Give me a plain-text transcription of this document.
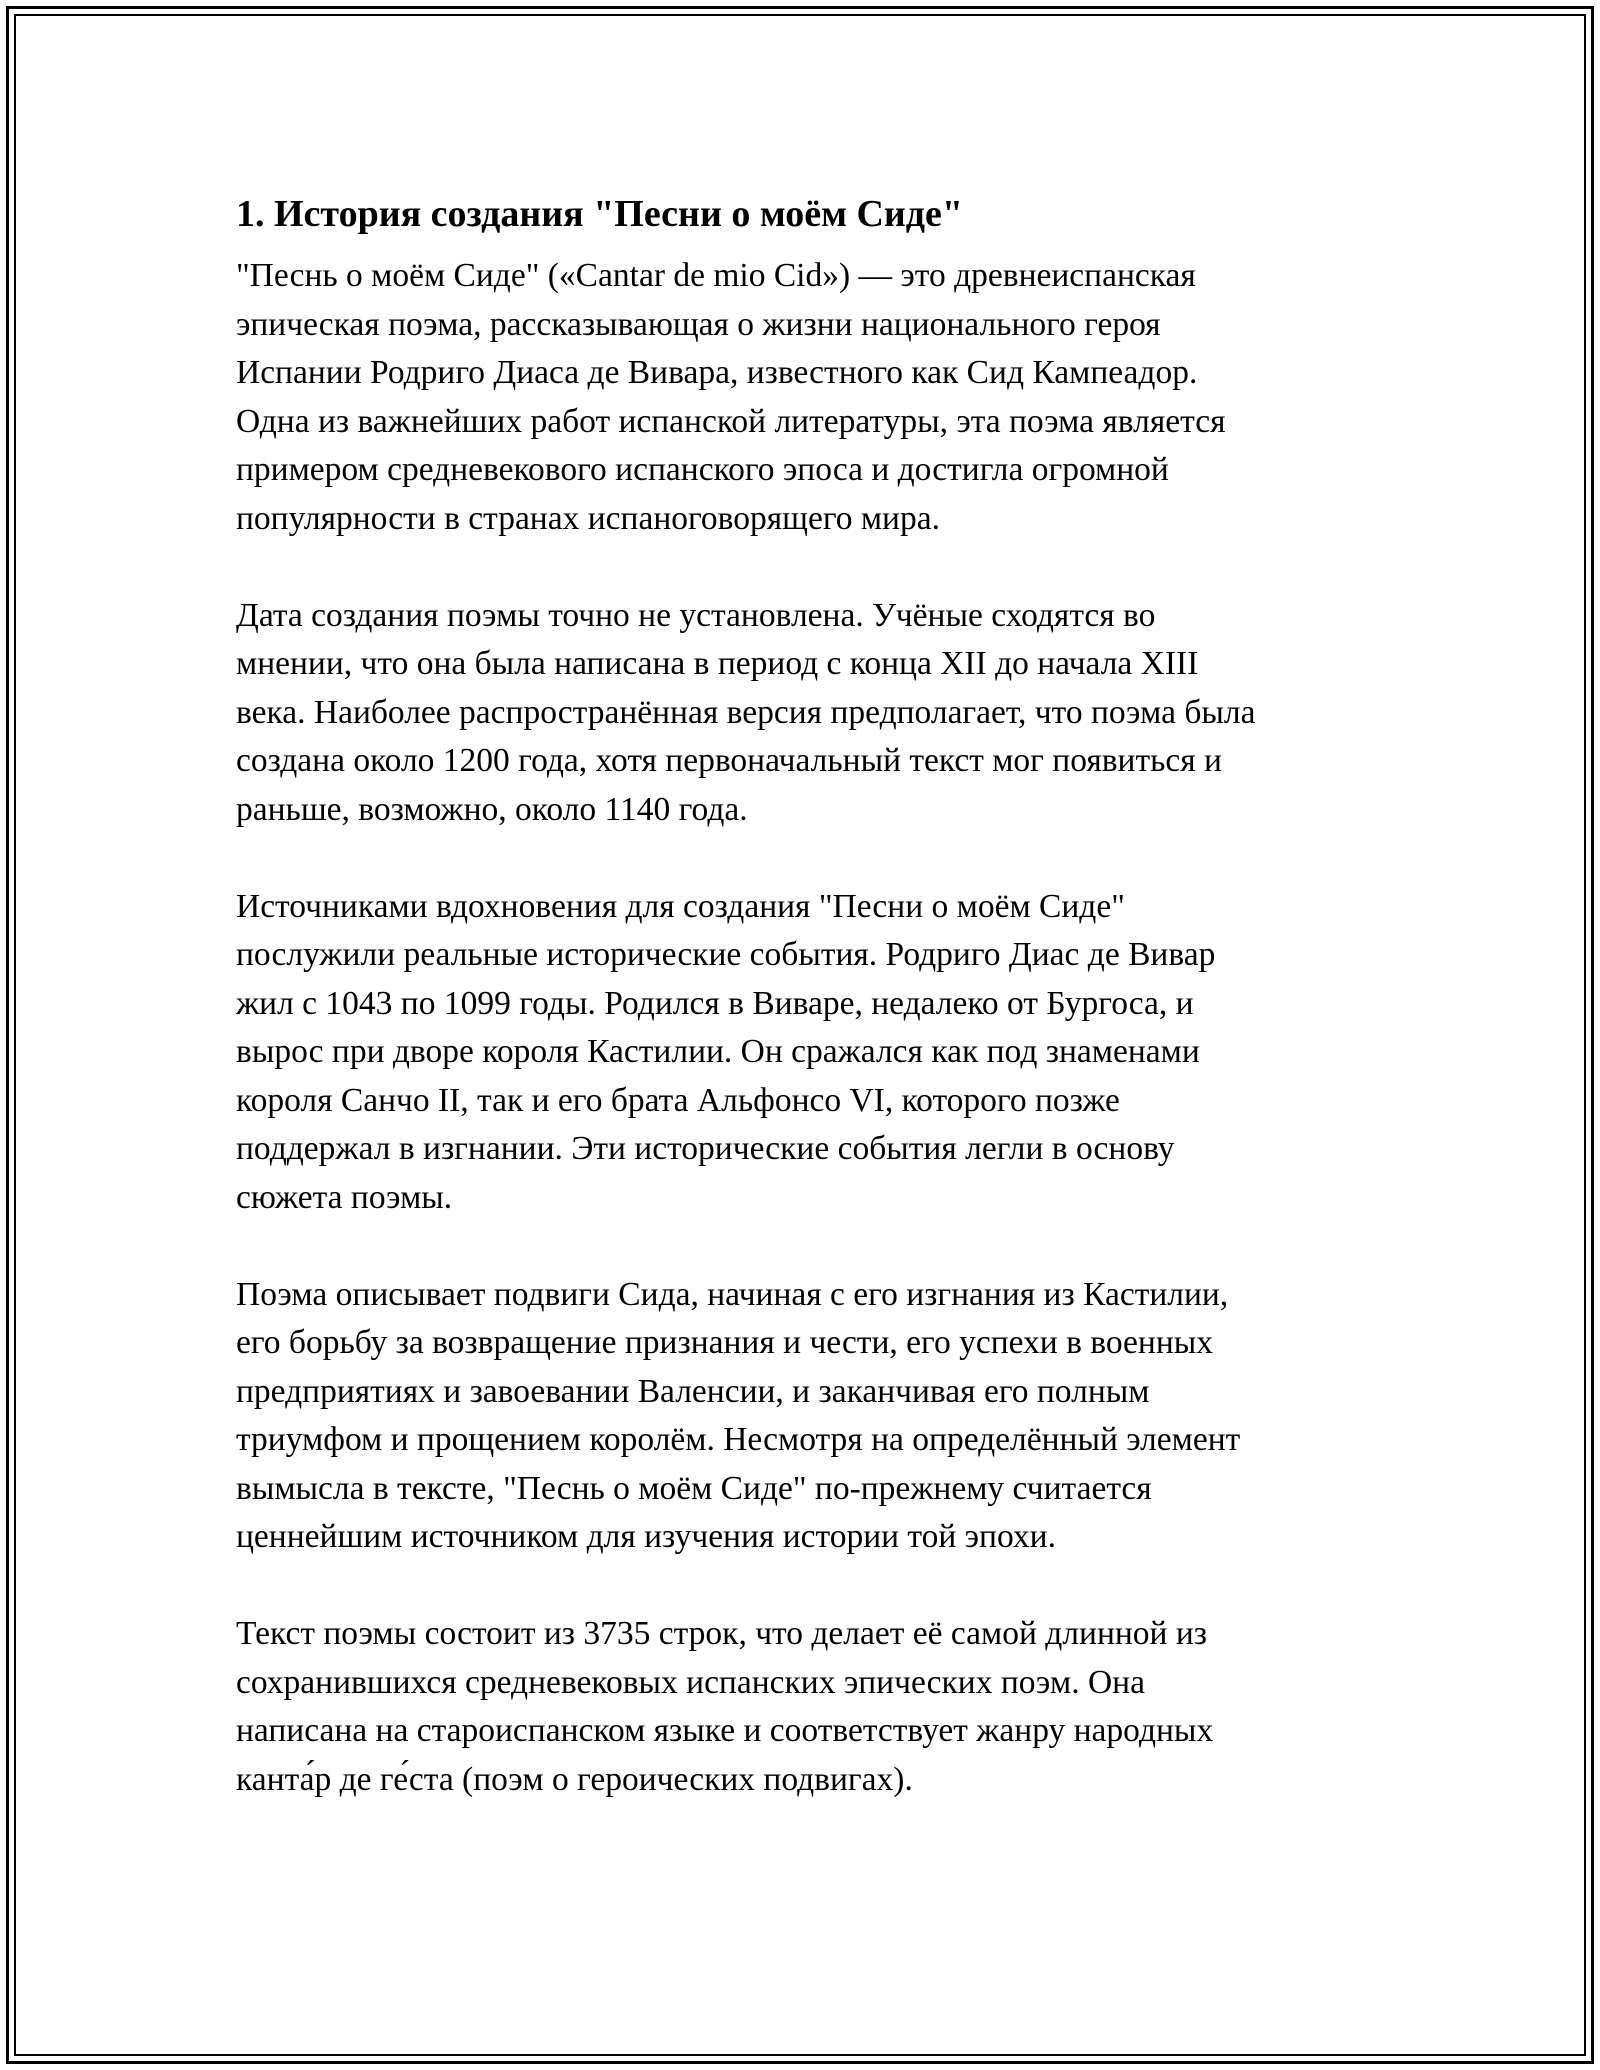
1. История создания "Песни о моём Сиде"

"Песнь о моём Сиде" («Cantar de mio Cid») — это древнеиспанская
эпическая поэма, рассказывающая о жизни национального героя
Испании Родриго Диаса де Вивара, известного как Сид Кампеадор.
Одна из важнейших работ испанской литературы, эта поэма является
примером средневекового испанского эпоса и достигла огромной
популярности в странах испаноговорящего мира.

Дата создания поэмы точно не установлена. Учёные сходятся во
мнении, что она была написана в период с конца XII до начала XIII
века. Наиболее распространённая версия предполагает, что поэма была
создана около 1200 года, хотя первоначальный текст мог появиться и
раньше, возможно, около 1140 года.

Источниками вдохновения для создания "Песни о моём Сиде"
послужили реальные исторические события. Родриго Диас де Вивар
жил с 1043 по 1099 годы. Родился в Виваре, недалеко от Бургоса, и
вырос при дворе короля Кастилии. Он сражался как под знаменами
короля Санчо II, так и его брата Альфонсо VI, которого позже
поддержал в изгнании. Эти исторические события легли в основу
сюжета поэмы.

Поэма описывает подвиги Сида, начиная с его изгнания из Кастилии,
его борьбу за возвращение признания и чести, его успехи в военных
предприятиях и завоевании Валенсии, и заканчивая его полным
триумфом и прощением королём. Несмотря на определённый элемент
вымысла в тексте, "Песнь о моём Сиде" по-прежнему считается
ценнейшим источником для изучения истории той эпохи.

Текст поэмы состоит из 3735 строк, что делает её самой длинной из
сохранившихся средневековых испанских эпических поэм. Она
написана на староиспанском языке и соответствует жанру народных
канта́р де ге́ста (поэм о героических подвигах).
